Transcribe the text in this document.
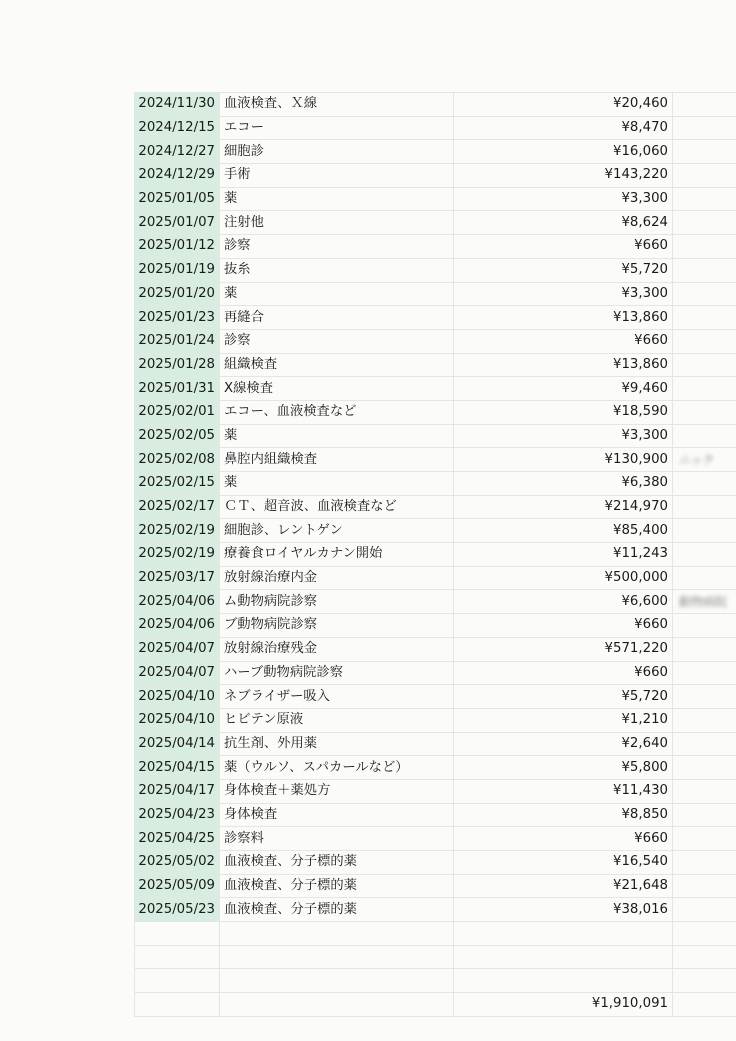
2024/11/30	血液検査、Ｘ線	¥20,460	
2024/12/15	エコー	¥8,470	
2024/12/27	細胞診	¥16,060	
2024/12/29	手術	¥143,220	
2025/01/05	薬	¥3,300	
2025/01/07	注射他	¥8,624	
2025/01/12	診察	¥660	
2025/01/19	抜糸	¥5,720	
2025/01/20	薬	¥3,300	
2025/01/23	再縫合	¥13,860	
2025/01/24	診察	¥660	
2025/01/28	組織検査	¥13,860	
2025/01/31	X線検査	¥9,460	
2025/02/01	エコー、血液検査など	¥18,590	
2025/02/05	薬	¥3,300	
2025/02/08	鼻腔内組織検査	¥130,900	ニック
2025/02/15	薬	¥6,380	
2025/02/17	ＣＴ、超音波、血液検査など	¥214,970	
2025/02/19	細胞診、レントゲン	¥85,400	
2025/02/19	療養食ロイヤルカナン開始	¥11,243	
2025/03/17	放射線治療内金	¥500,000	
2025/04/06	ム動物病院診察	¥6,600	動物病院
2025/04/06	ブ動物病院診察	¥660	
2025/04/07	放射線治療残金	¥571,220	
2025/04/07	ハーブ動物病院診察	¥660	
2025/04/10	ネブライザー吸入	¥5,720	
2025/04/10	ヒビテン原液	¥1,210	
2025/04/14	抗生剤、外用薬	¥2,640	
2025/04/15	薬（ウルソ、スパカールなど）	¥5,800	
2025/04/17	身体検査＋薬処方	¥11,430	
2025/04/23	身体検査	¥8,850	
2025/04/25	診察料	¥660	
2025/05/02	血液検査、分子標的薬	¥16,540	
2025/05/09	血液検査、分子標的薬	¥21,648	
2025/05/23	血液検査、分子標的薬	¥38,016	

		¥1,910,091	
